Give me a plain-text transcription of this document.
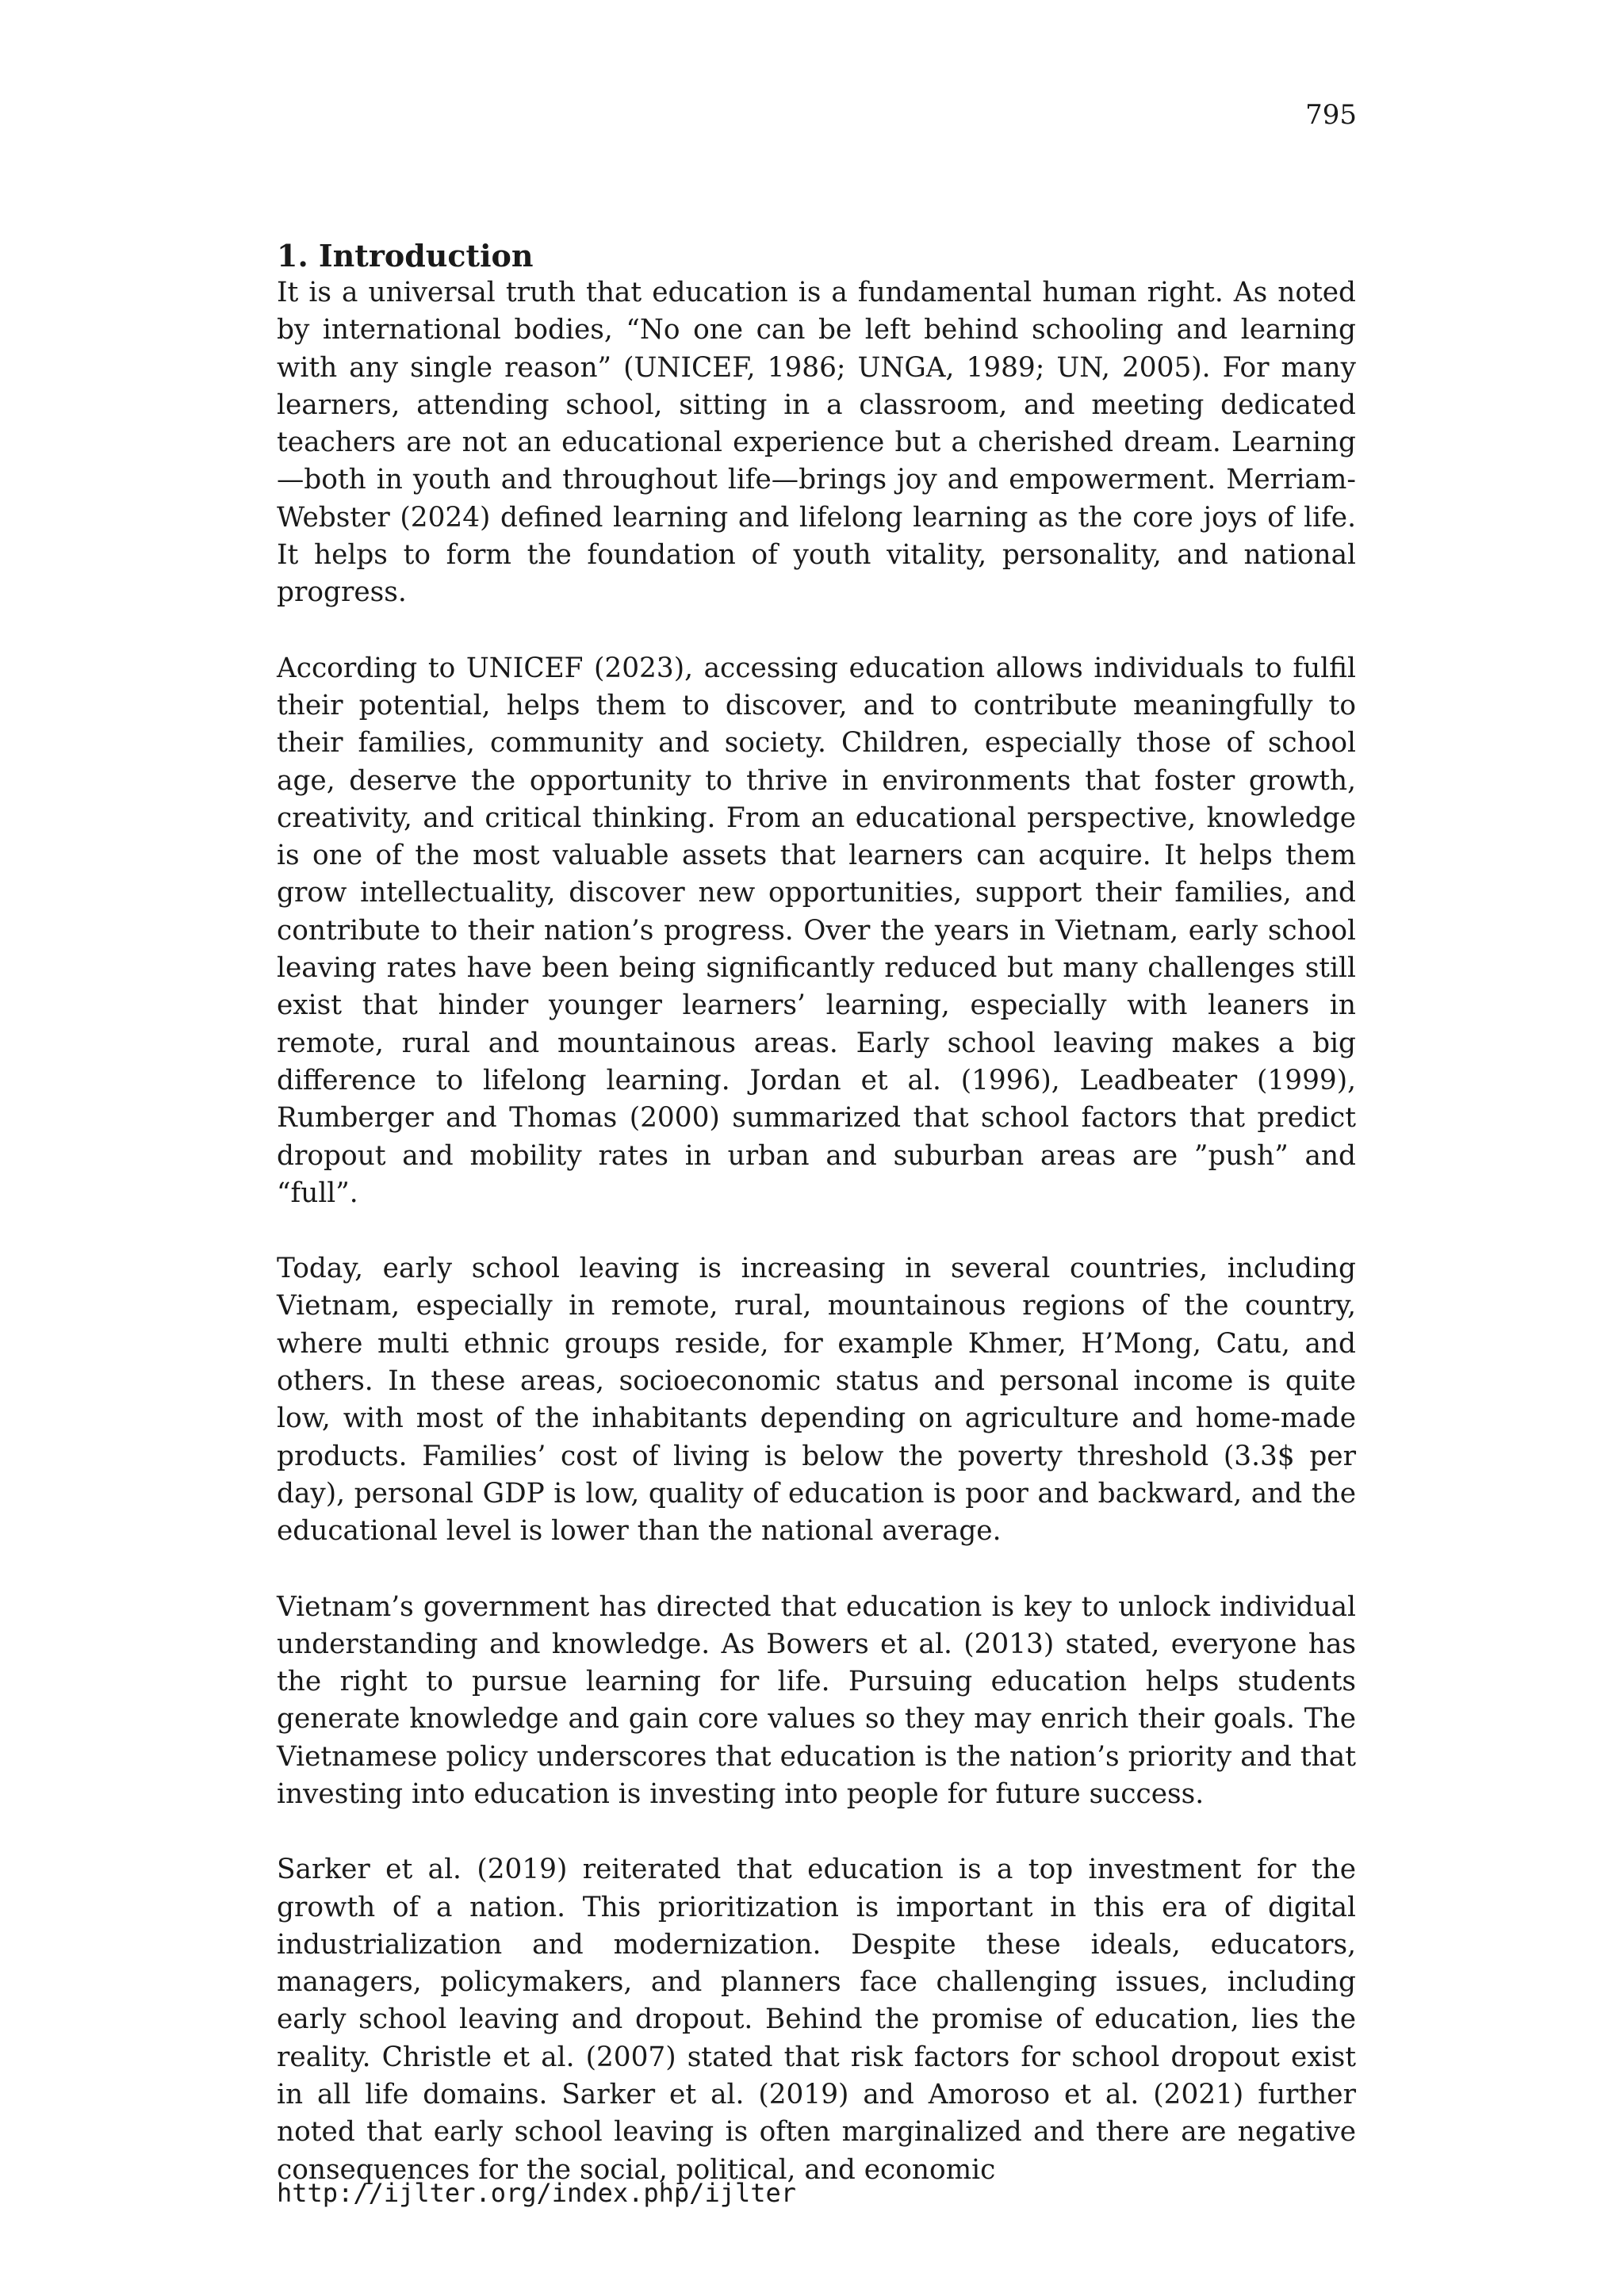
795
1. Introduction

It is a universal truth that education is a fundamental human right. As noted by international bodies, “No one can be left behind schooling and learning with any single reason” (UNICEF, 1986; UNGA, 1989; UN, 2005). For many learners, attending school, sitting in a classroom, and meeting dedicated teachers are not an educational experience but a cherished dream. Learning—both in youth and throughout life—brings joy and empowerment. Merriam-Webster (2024) defined learning and lifelong learning as the core joys of life. It helps to form the foundation of youth vitality, personality, and national progress.

According to UNICEF (2023), accessing education allows individuals to fulfil their potential, helps them to discover, and to contribute meaningfully to their families, community and society. Children, especially those of school age, deserve the opportunity to thrive in environments that foster growth, creativity, and critical thinking. From an educational perspective, knowledge is one of the most valuable assets that learners can acquire. It helps them grow intellectuality, discover new opportunities, support their families, and contribute to their nation’s progress. Over the years in Vietnam, early school leaving rates have been being significantly reduced but many challenges still exist that hinder younger learners’ learning, especially with leaners in remote, rural and mountainous areas. Early school leaving makes a big difference to lifelong learning. Jordan et al. (1996), Leadbeater (1999), Rumberger and Thomas (2000) summarized that school factors that predict dropout and mobility rates in urban and suburban areas are ”push” and “full”.

Today, early school leaving is increasing in several countries, including Vietnam, especially in remote, rural, mountainous regions of the country, where multi ethnic groups reside, for example Khmer, H’Mong, Catu, and others. In these areas, socioeconomic status and personal income is quite low, with most of the inhabitants depending on agriculture and home-made products. Families’ cost of living is below the poverty threshold (3.3$ per day), personal GDP is low, quality of education is poor and backward, and the educational level is lower than the national average.

Vietnam’s government has directed that education is key to unlock individual understanding and knowledge. As Bowers et al. (2013) stated, everyone has the right to pursue learning for life. Pursuing education helps students generate knowledge and gain core values so they may enrich their goals. The Vietnamese policy underscores that education is the nation’s priority and that investing into education is investing into people for future success.

Sarker et al. (2019) reiterated that education is a top investment for the growth of a nation. This prioritization is important in this era of digital industrialization and modernization. Despite these ideals, educators, managers, policymakers, and planners face challenging issues, including early school leaving and dropout. Behind the promise of education, lies the reality. Christle et al. (2007) stated that risk factors for school dropout exist in all life domains. Sarker et al. (2019) and Amoroso et al. (2021) further noted that early school leaving is often marginalized and there are negative consequences for the social, political, and economic

http://ijlter.org/index.php/ijlter
